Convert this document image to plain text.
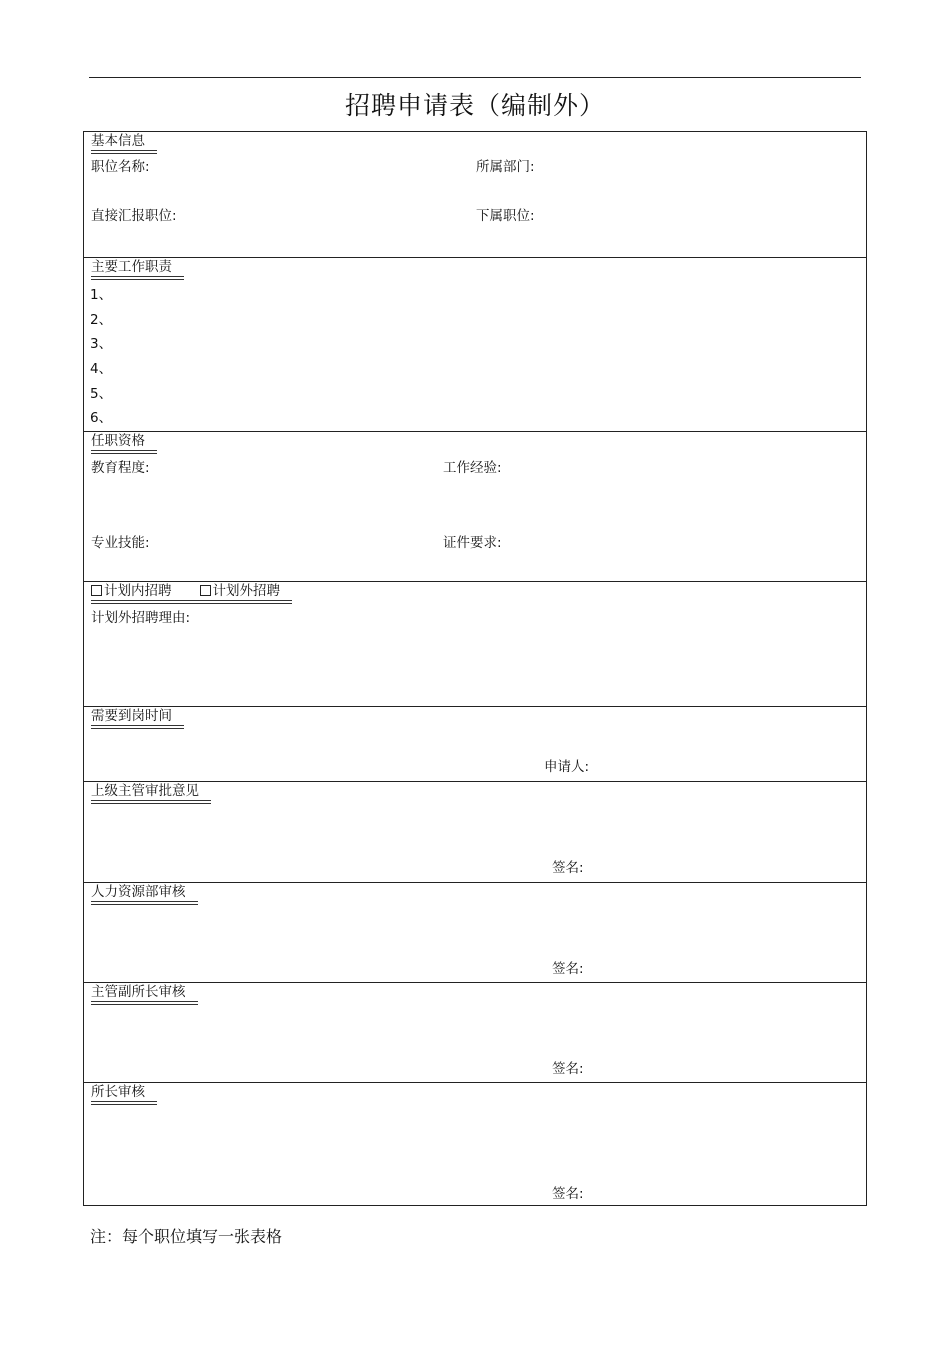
招聘申请表（编制外）
基本信息
职位名称:	所属部门:
直接汇报职位:	下属职位:
主要工作职责
1、
2、
3、
4、
5、
6、
任职资格
教育程度:	工作经验:
专业技能:	证件要求:
计划内招聘	计划外招聘
计划外招聘理由:
需要到岗时间
申请人:
上级主管审批意见
签名:
人力资源部审核
签名:
主管副所长审核
签名:
所长审核
签名:
注：每个职位填写一张表格
